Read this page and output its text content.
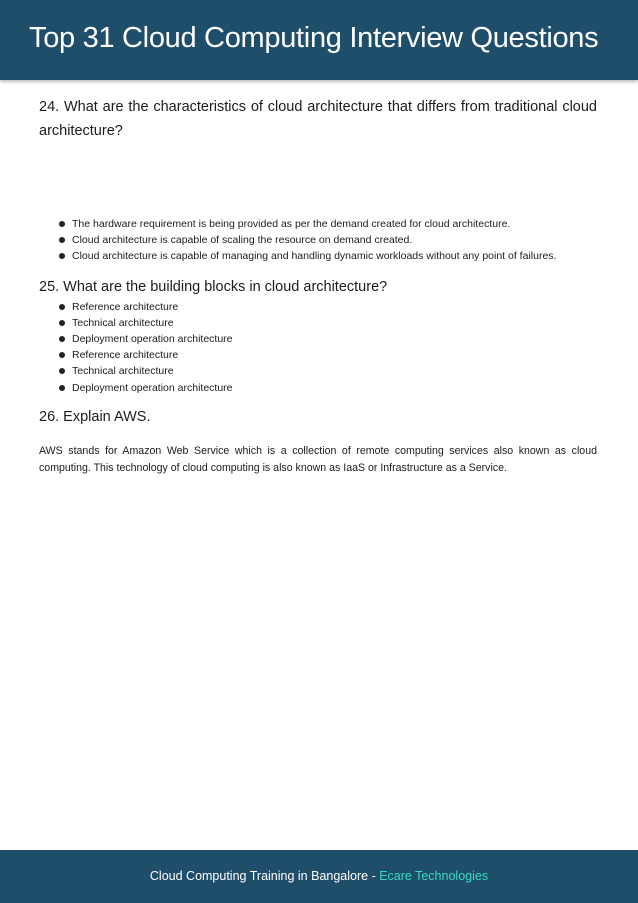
Top 31 Cloud Computing Interview Questions

24. What are the characteristics of cloud architecture that differs from traditional cloud architecture?

The hardware requirement is being provided as per the demand created for cloud architecture.
Cloud architecture is capable of scaling the resource on demand created.
Cloud architecture is capable of managing and handling dynamic workloads without any point of failures.

25. What are the building blocks in cloud architecture?

Reference architecture
Technical architecture
Deployment operation architecture
Reference architecture
Technical architecture
Deployment operation architecture

26. Explain AWS.

AWS stands for Amazon Web Service which is a collection of remote computing services also known as cloud computing. This technology of cloud computing is also known as IaaS or Infrastructure as a Service.
Cloud Computing Training in Bangalore - Ecare Technologies
